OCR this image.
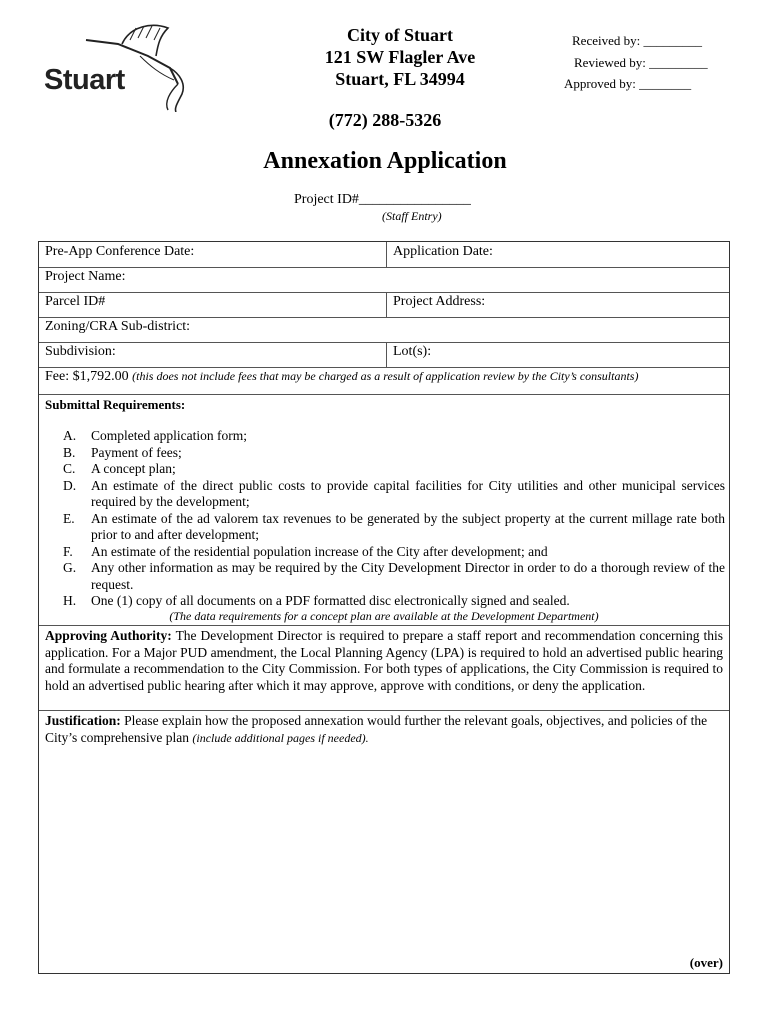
Stuart
City of Stuart
121 SW Flagler Ave
Stuart, FL 34994
(772) 288-5326
Received by: _________
Reviewed by: _________
Approved by: ________
Annexation Application
Project ID#________________
(Staff Entry)
Pre-App Conference Date:	Application Date:
Project Name:
Parcel ID#	Project Address:
Zoning/CRA Sub-district:
Subdivision:	Lot(s):
Fee: $1,792.00 (this does not include fees that may be charged as a result of application review by the City’s consultants)
Submittal Requirements:
A.	Completed application form;
B.	Payment of fees;
C.	A concept plan;
D.	An estimate of the direct public costs to provide capital facilities for City utilities and other municipal services required by the development;
E.	An estimate of the ad valorem tax revenues to be generated by the subject property at the current millage rate both prior to and after development;
F.	An estimate of the residential population increase of the City after development; and
G.	Any other information as may be required by the City Development Director in order to do a thorough review of the request.
H.	One (1) copy of all documents on a PDF formatted disc electronically signed and sealed.
(The data requirements for a concept plan are available at the Development Department)
Approving Authority: The Development Director is required to prepare a staff report and recommendation concerning this application. For a Major PUD amendment, the Local Planning Agency (LPA) is required to hold an advertised public hearing and formulate a recommendation to the City Commission. For both types of applications, the City Commission is required to hold an advertised public hearing after which it may approve, approve with conditions, or deny the application.
Justification: Please explain how the proposed annexation would further the relevant goals, objectives, and policies of the City’s comprehensive plan (include additional pages if needed).
(over)
